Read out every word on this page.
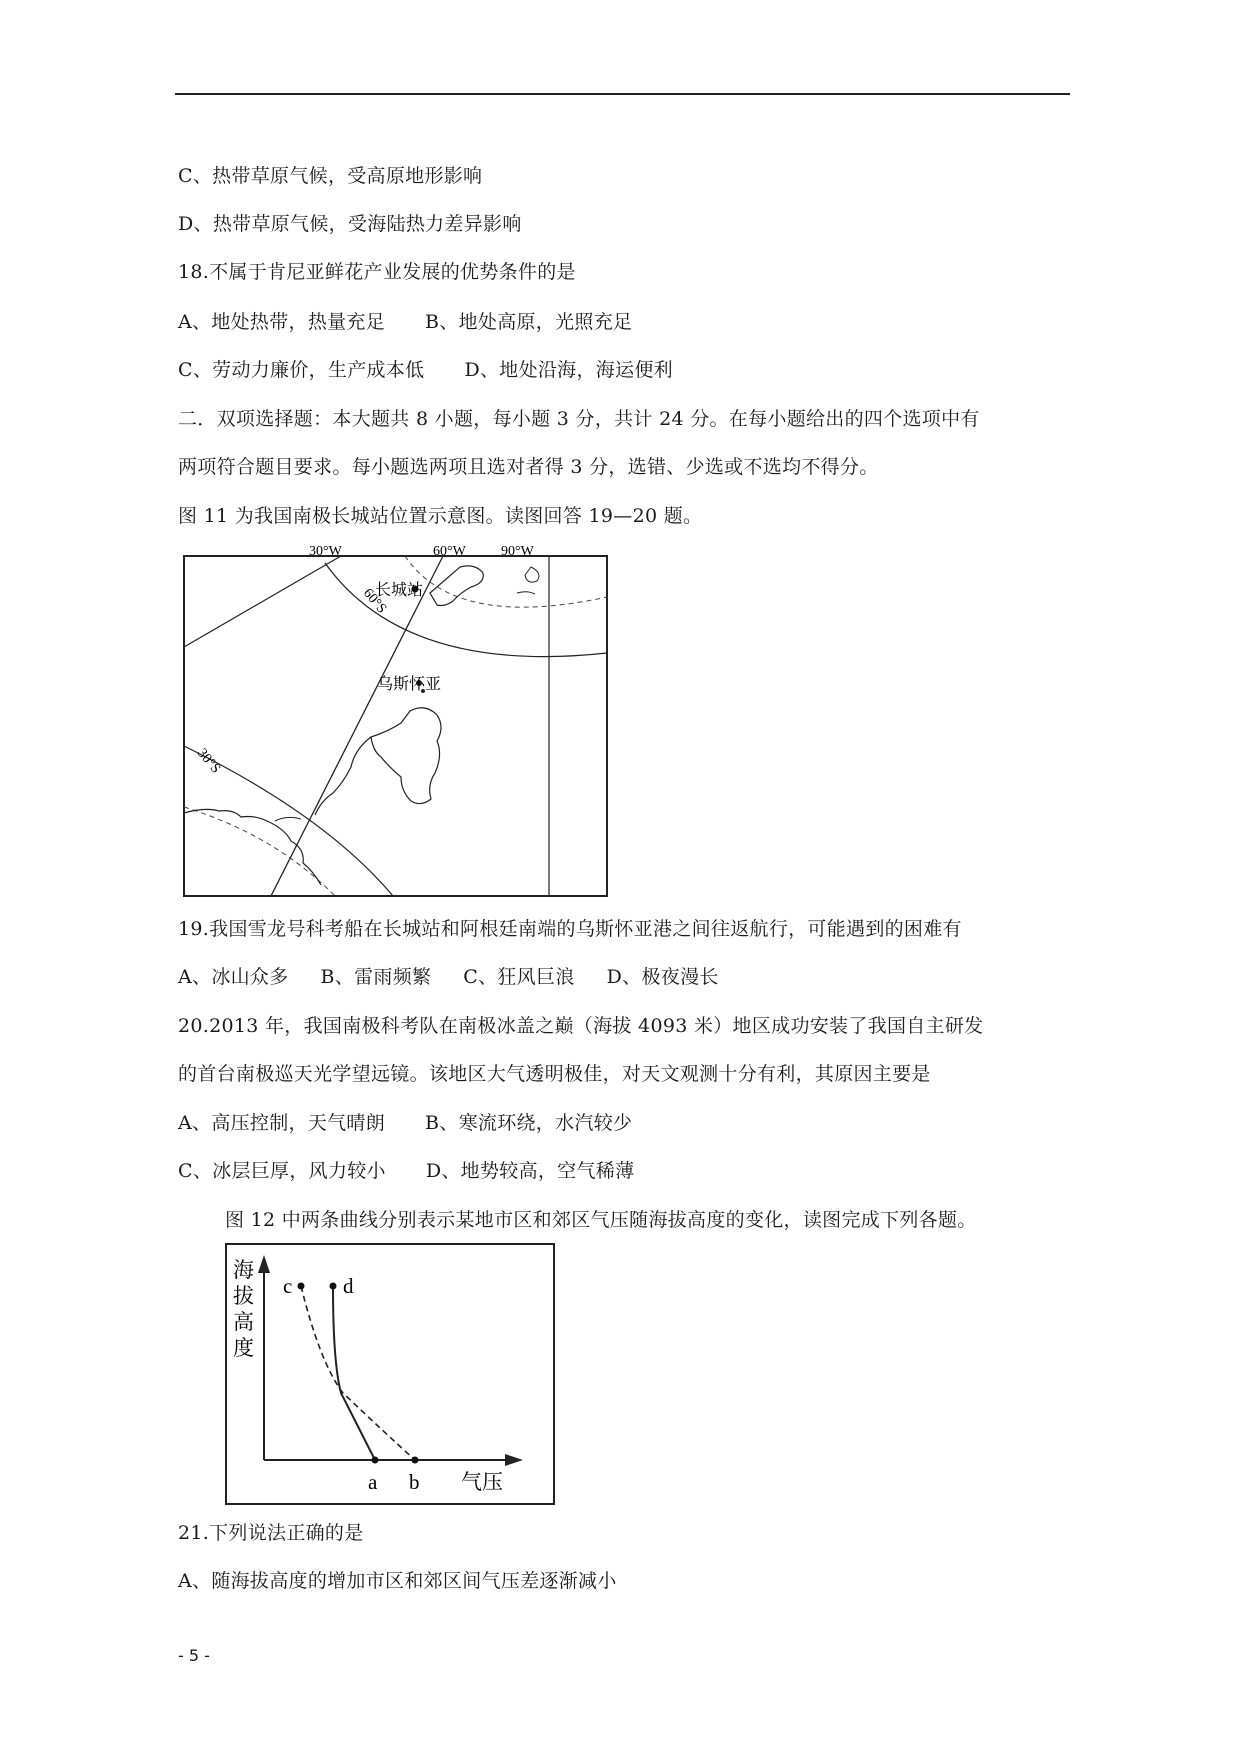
C、热带草原气候，受高原地形影响
D、热带草原气候，受海陆热力差异影响
18.不属于肯尼亚鲜花产业发展的优势条件的是
A、地处热带，热量充足 B、地处高原，光照充足
C、劳动力廉价，生产成本低 D、地处沿海，海运便利
二．双项选择题：本大题共 8 小题，每小题 3 分，共计 24 分。在每小题给出的四个选项中有
两项符合题目要求。每小题选两项且选对者得 3 分，选错、少选或不选均不得分。
图 11 为我国南极长城站位置示意图。读图回答 19—20 题。
30°W	60°W	90°W
60°S
30°S
长城站
乌斯怀亚
19.我国雪龙号科考船在长城站和阿根廷南端的乌斯怀亚港之间往返航行，可能遇到的困难有
A、冰山众多 B、雷雨频繁 C、狂风巨浪 D、极夜漫长
20.2013 年，我国南极科考队在南极冰盖之巅（海拔 4093 米）地区成功安装了我国自主研发
的首台南极巡天光学望远镜。该地区大气透明极佳，对天文观测十分有利，其原因主要是
A、高压控制，天气晴朗 B、寒流环绕，水汽较少
C、冰层巨厚，风力较小 D、地势较高，空气稀薄
图 12 中两条曲线分别表示某地市区和郊区气压随海拔高度的变化，读图完成下列各题。
海
拔
高
度
c d
a b 气压
21.下列说法正确的是
A、随海拔高度的增加市区和郊区间气压差逐渐减小
- 5 -
